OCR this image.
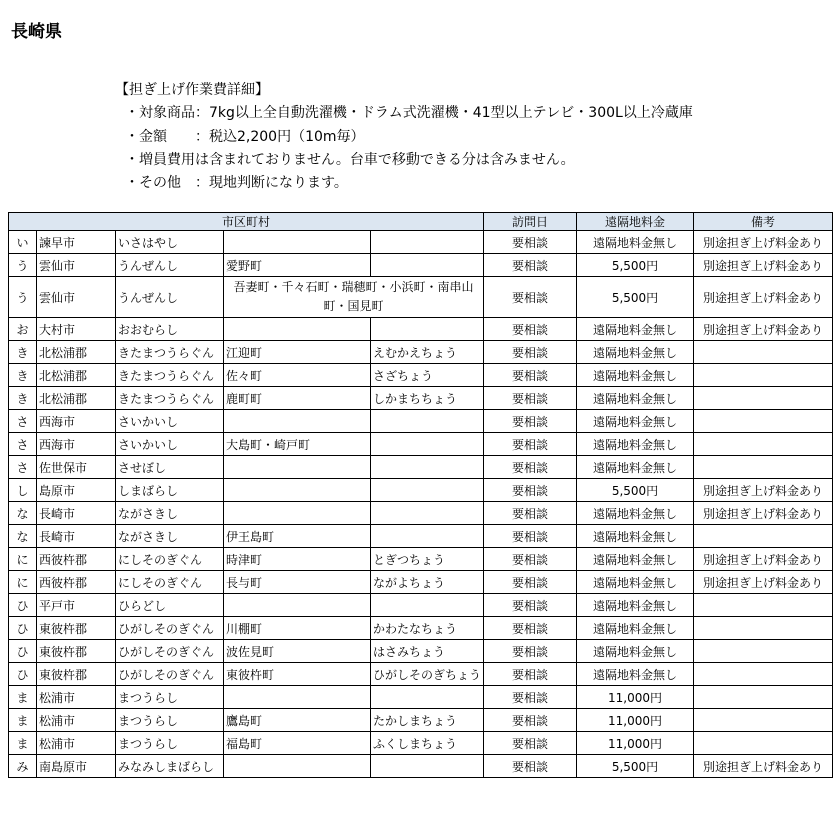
長崎県
【担ぎ上げ作業費詳細】
・対象商品：7kg以上全自動洗濯機・ドラム式洗濯機・41型以上テレビ・300L以上冷蔵庫
・金額　　：税込2,200円（10m毎）
・増員費用は含まれておりません。台車で移動できる分は含みません。
・その他　：現地判断になります。
市区町村					訪問日	遠隔地料金	備考
い	諫早市	いさはやし			要相談	遠隔地料金無し	別途担ぎ上げ料金あり
う	雲仙市	うんぜんし	愛野町		要相談	5,500円	別途担ぎ上げ料金あり
う	雲仙市	うんぜんし	吾妻町・千々石町・瑞穂町・小浜町・南串山町・国見町		要相談	5,500円	別途担ぎ上げ料金あり
お	大村市	おおむらし			要相談	遠隔地料金無し	別途担ぎ上げ料金あり
き	北松浦郡	きたまつうらぐん	江迎町	えむかえちょう	要相談	遠隔地料金無し	
き	北松浦郡	きたまつうらぐん	佐々町	さざちょう	要相談	遠隔地料金無し	
き	北松浦郡	きたまつうらぐん	鹿町町	しかまちちょう	要相談	遠隔地料金無し	
さ	西海市	さいかいし			要相談	遠隔地料金無し	
さ	西海市	さいかいし	大島町・崎戸町		要相談	遠隔地料金無し	
さ	佐世保市	させぼし			要相談	遠隔地料金無し	
し	島原市	しまばらし			要相談	5,500円	別途担ぎ上げ料金あり
な	長崎市	ながさきし			要相談	遠隔地料金無し	別途担ぎ上げ料金あり
な	長崎市	ながさきし	伊王島町		要相談	遠隔地料金無し	
に	西彼杵郡	にしそのぎぐん	時津町	とぎつちょう	要相談	遠隔地料金無し	別途担ぎ上げ料金あり
に	西彼杵郡	にしそのぎぐん	長与町	ながよちょう	要相談	遠隔地料金無し	別途担ぎ上げ料金あり
ひ	平戸市	ひらどし			要相談	遠隔地料金無し	
ひ	東彼杵郡	ひがしそのぎぐん	川棚町	かわたなちょう	要相談	遠隔地料金無し	
ひ	東彼杵郡	ひがしそのぎぐん	波佐見町	はさみちょう	要相談	遠隔地料金無し	
ひ	東彼杵郡	ひがしそのぎぐん	東彼杵町	ひがしそのぎちょう	要相談	遠隔地料金無し	
ま	松浦市	まつうらし			要相談	11,000円	
ま	松浦市	まつうらし	鷹島町	たかしまちょう	要相談	11,000円	
ま	松浦市	まつうらし	福島町	ふくしまちょう	要相談	11,000円	
み	南島原市	みなみしまばらし			要相談	5,500円	別途担ぎ上げ料金あり
